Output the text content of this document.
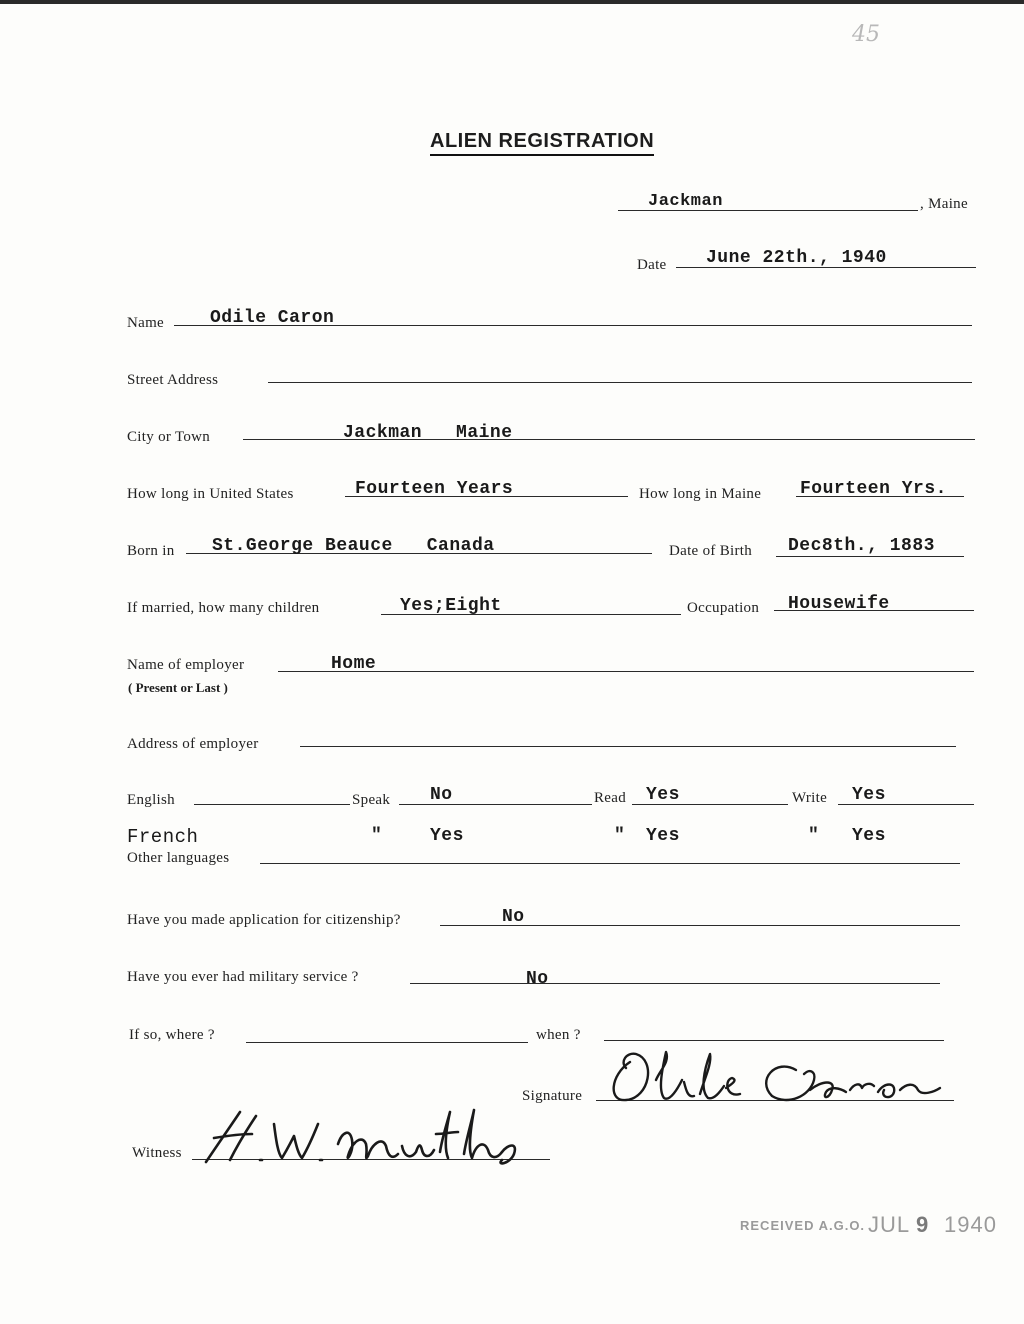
45
ALIEN REGISTRATION
Jackman	, Maine
Date June 22th., 1940
Name	Odile Caron
Street Address
City or Town	Jackman   Maine
How long in United States	Fourteen Years	How long in Maine Fourteen Yrs.
Born in St.George Beauce   Canada	Date of Birth Dec8th., 1883
If married, how many children	Yes;Eight	Occupation Housewife
Name of employer
( Present or Last )
Home
Address of employer
English	Speak No	Read Yes	Write Yes
French	"	Yes	" Yes	" Yes
Other languages
Have you made application for citizenship?	No
Have you ever had military service ?	No
If so, where ?	when ?
Signature
Witness
RECEIVED A.G.O. JUL 9 1940
